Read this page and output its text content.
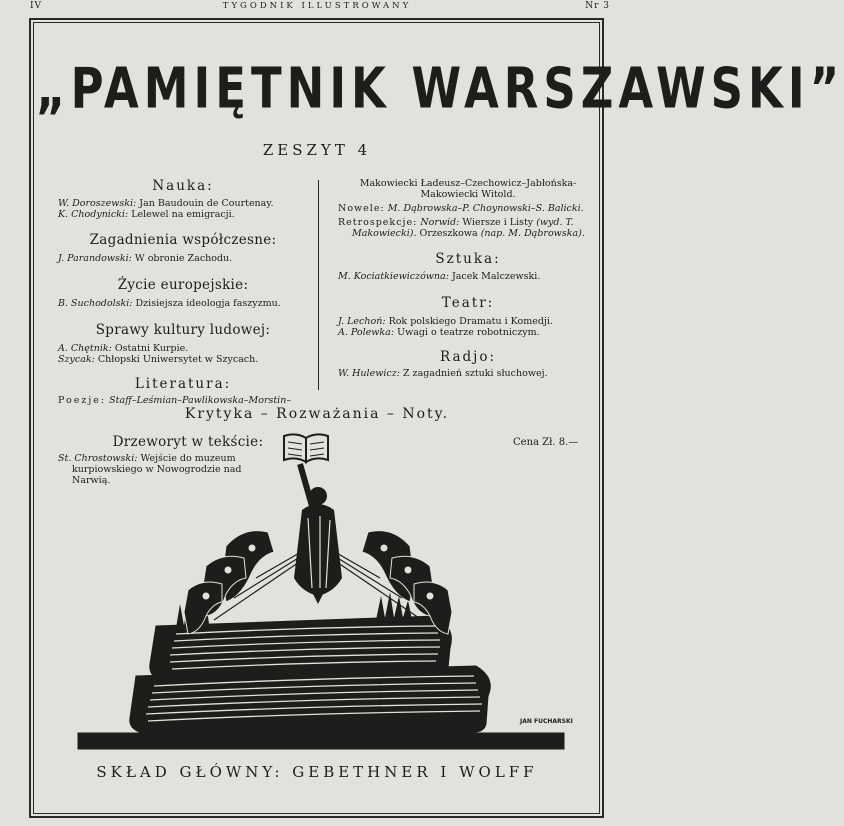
IV	TYGODNIK ILLUSTROWANY	Nr 3
„PAMIĘTNIK WARSZAWSKI”
ZESZYT 4

Nauka:

W. Doroszewski: Jan Baudouin de Courtenay.
K. Chodynicki: Lelewel na emigracji.

Zagadnienia współczesne:

J. Parandowski: W obronie Zachodu.

Życie europejskie:

B. Suchodolski: Dzisiejsza ideologja faszyzmu.

Sprawy kultury ludowej:

A. Chętnik: Ostatni Kurpie.
Szycak: Chłopski Uniwersytet w Szycach.

Literatura:

Poezje: Staff–Leśmian–Pawlikowska–Morstin–
Makowiecki Ładeusz–Czechowicz–Jabłońska-Makowiecki Witold.
Nowele: M. Dąbrowska–P. Choynowski–S. Balicki.
Retrospekcje: Norwid: Wiersze i Listy (wyd. T. Makowiecki). Orzeszkowa (nap. M. Dąbrowska).

Sztuka:

M. Kociatkiewiczówna: Jacek Malczewski.

Teatr:

J. Lechoń: Rok polskiego Dramatu i Komedji.
A. Polewka: Uwagi o teatrze robotniczym.

Radjo:

W. Hulewicz: Z zagadnień sztuki słuchowej.
Krytyka – Rozważania – Noty.

Drzeworyt w tekście:

St. Chrostowski: Wejście do muzeum kurpiowskiego w Nowogrodzie nad Narwią.
Cena Zł. 8.—
JAN FUCHARSKI
SKŁAD GŁÓWNY: GEBETHNER I WOLFF
